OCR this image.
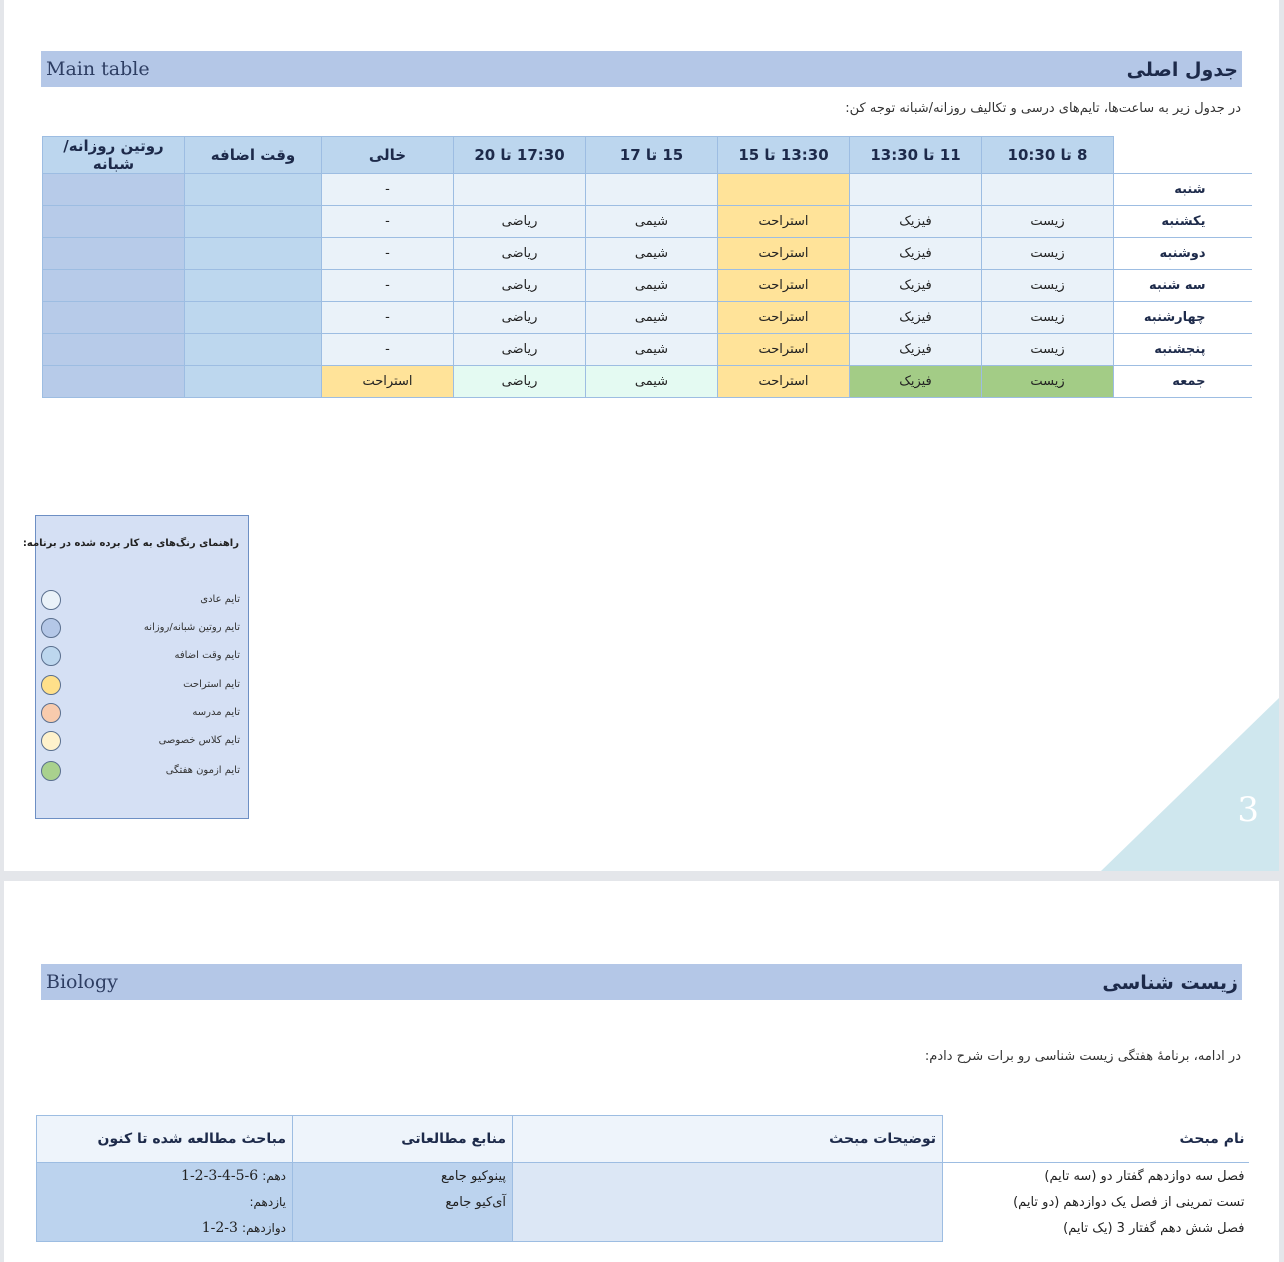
Main table	جدول اصلی
در جدول زیر به ساعت‌ها، تایم‌های درسی و تکالیف روزانه/شبانه توجه کن:
	8 تا 10:30	11 تا 13:30	13:30 تا 15	15 تا 17	17:30 تا 20	خالی	وقت اضافه	روتین روزانه/شبانه
شنبه						-		
یکشنبه	زیست	فیزیک	استراحت	شیمی	ریاضی	-		
دوشنبه	زیست	فیزیک	استراحت	شیمی	ریاضی	-		
سه شنبه	زیست	فیزیک	استراحت	شیمی	ریاضی	-		
چهارشنبه	زیست	فیزیک	استراحت	شیمی	ریاضی	-		
پنجشنبه	زیست	فیزیک	استراحت	شیمی	ریاضی	-		
جمعه	زیست	فیزیک	استراحت	شیمی	ریاضی	استراحت		
راهنمای رنگ‌های به کار برده شده در برنامه:
تایم عادی
تایم روتین شبانه/روزانه
تایم وقت اضافه
تایم استراحت
تایم مدرسه
تایم کلاس خصوصی
تایم ازمون هفتگی
3
Biology	زیست شناسی
در ادامه، برنامۀ هفتگی زیست شناسی رو برات شرح دادم:
نام مبحث	توضیحات مبحث	منابع مطالعاتی	مباحث مطالعه شده تا کنون
فصل سه دوازدهم گفتار دو (سه تایم)		پینوکیو جامع	دهم: 1-2-3-4-5-6
تست تمرینی از فصل یک دوازدهم (دو تایم)		آی‌کیو جامع	یازدهم:
فصل شش دهم گفتار 3 (یک تایم)			دوازدهم: 1-2-3
